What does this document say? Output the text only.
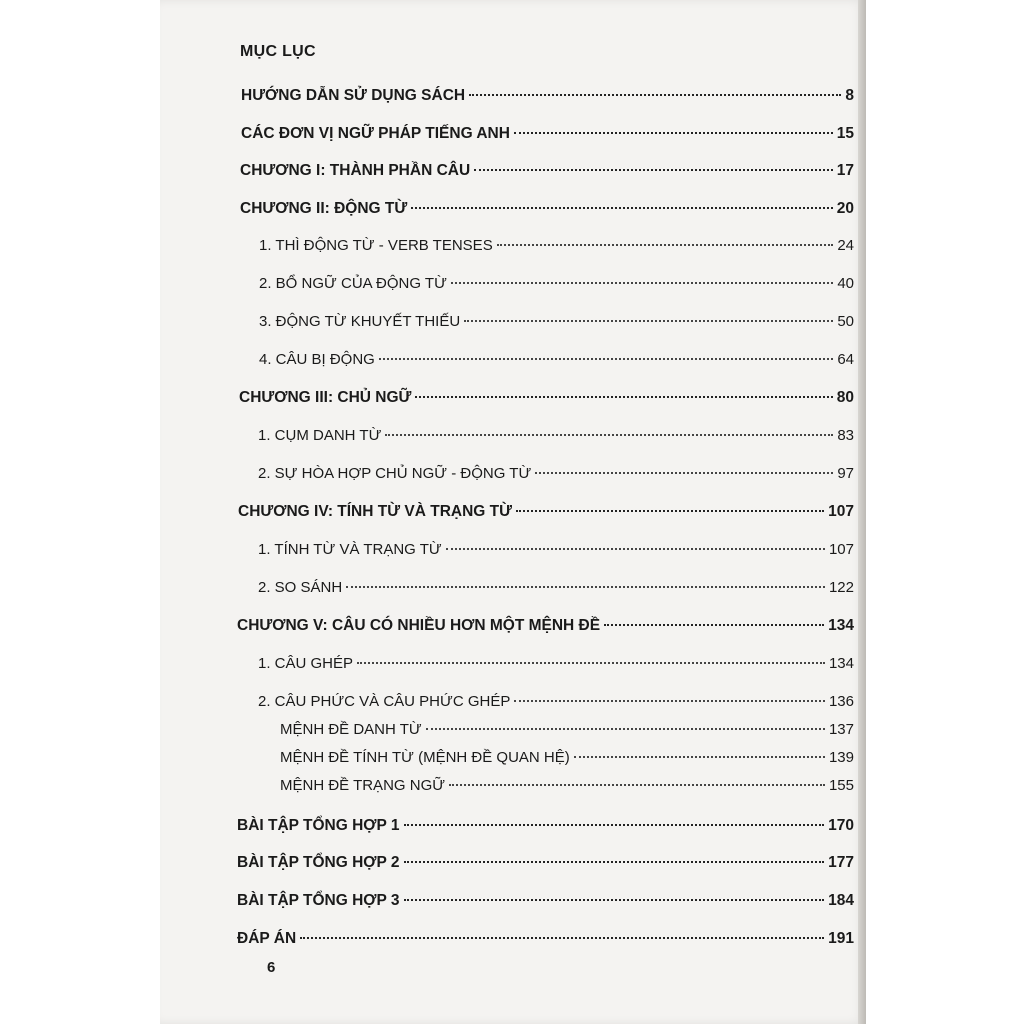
MỤC LỤC
HƯỚNG DẪN SỬ DỤNG SÁCH	8
CÁC ĐƠN VỊ NGỮ PHÁP TIẾNG ANH	15
CHƯƠNG I: THÀNH PHẦN CÂU	17
CHƯƠNG II: ĐỘNG TỪ	20
1. THÌ ĐỘNG TỪ - VERB TENSES	24
2. BỔ NGỮ CỦA ĐỘNG TỪ	40
3. ĐỘNG TỪ KHUYẾT THIẾU	50
4. CÂU BỊ ĐỘNG	64
CHƯƠNG III: CHỦ NGỮ	80
1. CỤM DANH TỪ	83
2. SỰ HÒA HỢP CHỦ NGỮ - ĐỘNG TỪ	97
CHƯƠNG IV: TÍNH TỪ VÀ TRẠNG TỪ	107
1. TÍNH TỪ VÀ TRẠNG TỪ	107
2. SO SÁNH	122
CHƯƠNG V: CÂU CÓ NHIỀU HƠN MỘT MỆNH ĐỀ	134
1. CÂU GHÉP	134
2. CÂU PHỨC VÀ CÂU PHỨC GHÉP	136
MỆNH ĐỀ DANH TỪ	137
MỆNH ĐỀ TÍNH TỪ (MỆNH ĐỀ QUAN HỆ)	139
MỆNH ĐỀ TRẠNG NGỮ	155
BÀI TẬP TỔNG HỢP 1	170
BÀI TẬP TỔNG HỢP 2	177
BÀI TẬP TỔNG HỢP 3	184
ĐÁP ÁN	191
6
